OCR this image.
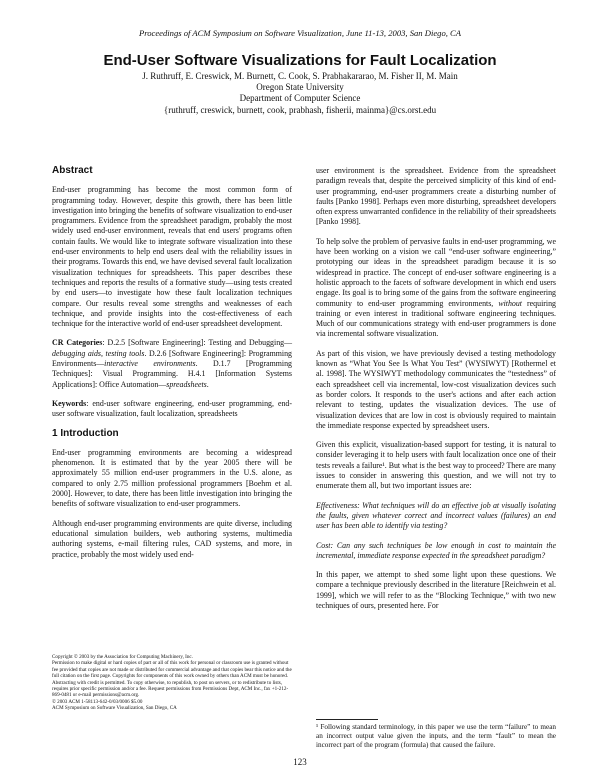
Proceedings of ACM Symposium on Software Visualization, June 11-13, 2003, San Diego, CA
End-User Software Visualizations for Fault Localization
J. Ruthruff, E. Creswick, M. Burnett, C. Cook, S. Prabhakararao, M. Fisher II, M. Main
Oregon State University
Department of Computer Science
{ruthruff, creswick, burnett, cook, prabhash, fisherii, mainma}@cs.orst.edu
Abstract

End-user programming has become the most common form of programming today. However, despite this growth, there has been little investigation into bringing the benefits of software visualization to end-user programmers. Evidence from the spreadsheet paradigm, probably the most widely used end-user environment, reveals that end users' programs often contain faults. We would like to integrate software visualization into these end-user environments to help end users deal with the reliability issues in their programs. Towards this end, we have devised several fault localization visualization techniques for spreadsheets. This paper describes these techniques and reports the results of a formative study—using tests created by end users—to investigate how these fault localization techniques compare. Our results reveal some strengths and weaknesses of each technique, and provide insights into the cost-effectiveness of each technique for the interactive world of end-user spreadsheet development.

CR Categories: D.2.5 [Software Engineering]: Testing and Debugging—debugging aids, testing tools. D.2.6 [Software Engineering]: Programming Environments—interactive environments. D.1.7 [Programming Techniques]: Visual Programming. H.4.1 [Information Systems Applications]: Office Automation—spreadsheets.

Keywords: end-user software engineering, end-user programming, end-user software visualization, fault localization, spreadsheets

1 Introduction

End-user programming environments are becoming a widespread phenomenon. It is estimated that by the year 2005 there will be approximately 55 million end-user programmers in the U.S. alone, as compared to only 2.75 million professional programmers [Boehm et al. 2000]. However, to date, there has been little investigation into bringing the benefits of software visualization to end-user programmers.

Although end-user programming environments are quite diverse, including educational simulation builders, web authoring systems, multimedia authoring systems, e-mail filtering rules, CAD systems, and more, in practice, probably the most widely used end-

Copyright © 2003 by the Association for Computing Machinery, Inc.
Permission to make digital or hard copies of part or all of this work for personal or classroom use is granted without fee provided that copies are not made or distributed for commercial advantage and that copies bear this notice and the full citation on the first page. Copyrights for components of this work owned by others than ACM must be honored. Abstracting with credit is permitted. To copy otherwise, to republish, to post on servers, or to redistribute to lists, requires prior specific permission and/or a fee. Request permissions from Permissions Dept, ACM Inc., fax +1-212-869-0481 or e-mail permissions@acm.org.
© 2003 ACM 1-58113-642-0/03/0006 $5.00
ACM Symposium on Software Visualization, San Diego, CA

user environment is the spreadsheet. Evidence from the spreadsheet paradigm reveals that, despite the perceived simplicity of this kind of end-user programming, end-user programmers create a disturbing number of faults [Panko 1998]. Perhaps even more disturbing, spreadsheet developers often express unwarranted confidence in the reliability of their spreadsheets [Panko 1998].

To help solve the problem of pervasive faults in end-user programming, we have been working on a vision we call “end-user software engineering,” prototyping our ideas in the spreadsheet paradigm because it is so widespread in practice. The concept of end-user software engineering is a holistic approach to the facets of software development in which end users engage. Its goal is to bring some of the gains from the software engineering community to end-user programming environments, without requiring training or even interest in traditional software engineering techniques. Much of our communications strategy with end-user programmers is done via incremental software visualization.

As part of this vision, we have previously devised a testing methodology known as “What You See Is What You Test” (WYSIWYT) [Rothermel et al. 1998]. The WYSIWYT methodology communicates the “testedness” of each spreadsheet cell via incremental, low-cost visualization devices such as border colors. It responds to the user's actions and after each action relevant to testing, updates the visualization devices. The use of visualization devices that are low in cost is obviously required to maintain the immediate response expected by spreadsheet users.

Given this explicit, visualization-based support for testing, it is natural to consider leveraging it to help users with fault localization once one of their tests reveals a failure¹. But what is the best way to proceed? There are many issues to consider in answering this question, and we will not try to enumerate them all, but two important issues are:

Effectiveness: What techniques will do an effective job at visually isolating the faults, given whatever correct and incorrect values (failures) an end user has been able to identify via testing?

Cost: Can any such techniques be low enough in cost to maintain the incremental, immediate response expected in the spreadsheet paradigm?

In this paper, we attempt to shed some light upon these questions. We compare a technique previously described in the literature [Reichwein et al. 1999], which we will refer to as the “Blocking Technique,” with two new techniques of ours, presented here. For

¹ Following standard terminology, in this paper we use the term “failure” to mean an incorrect output value given the inputs, and the term “fault” to mean the incorrect part of the program (formula) that caused the failure.
123
